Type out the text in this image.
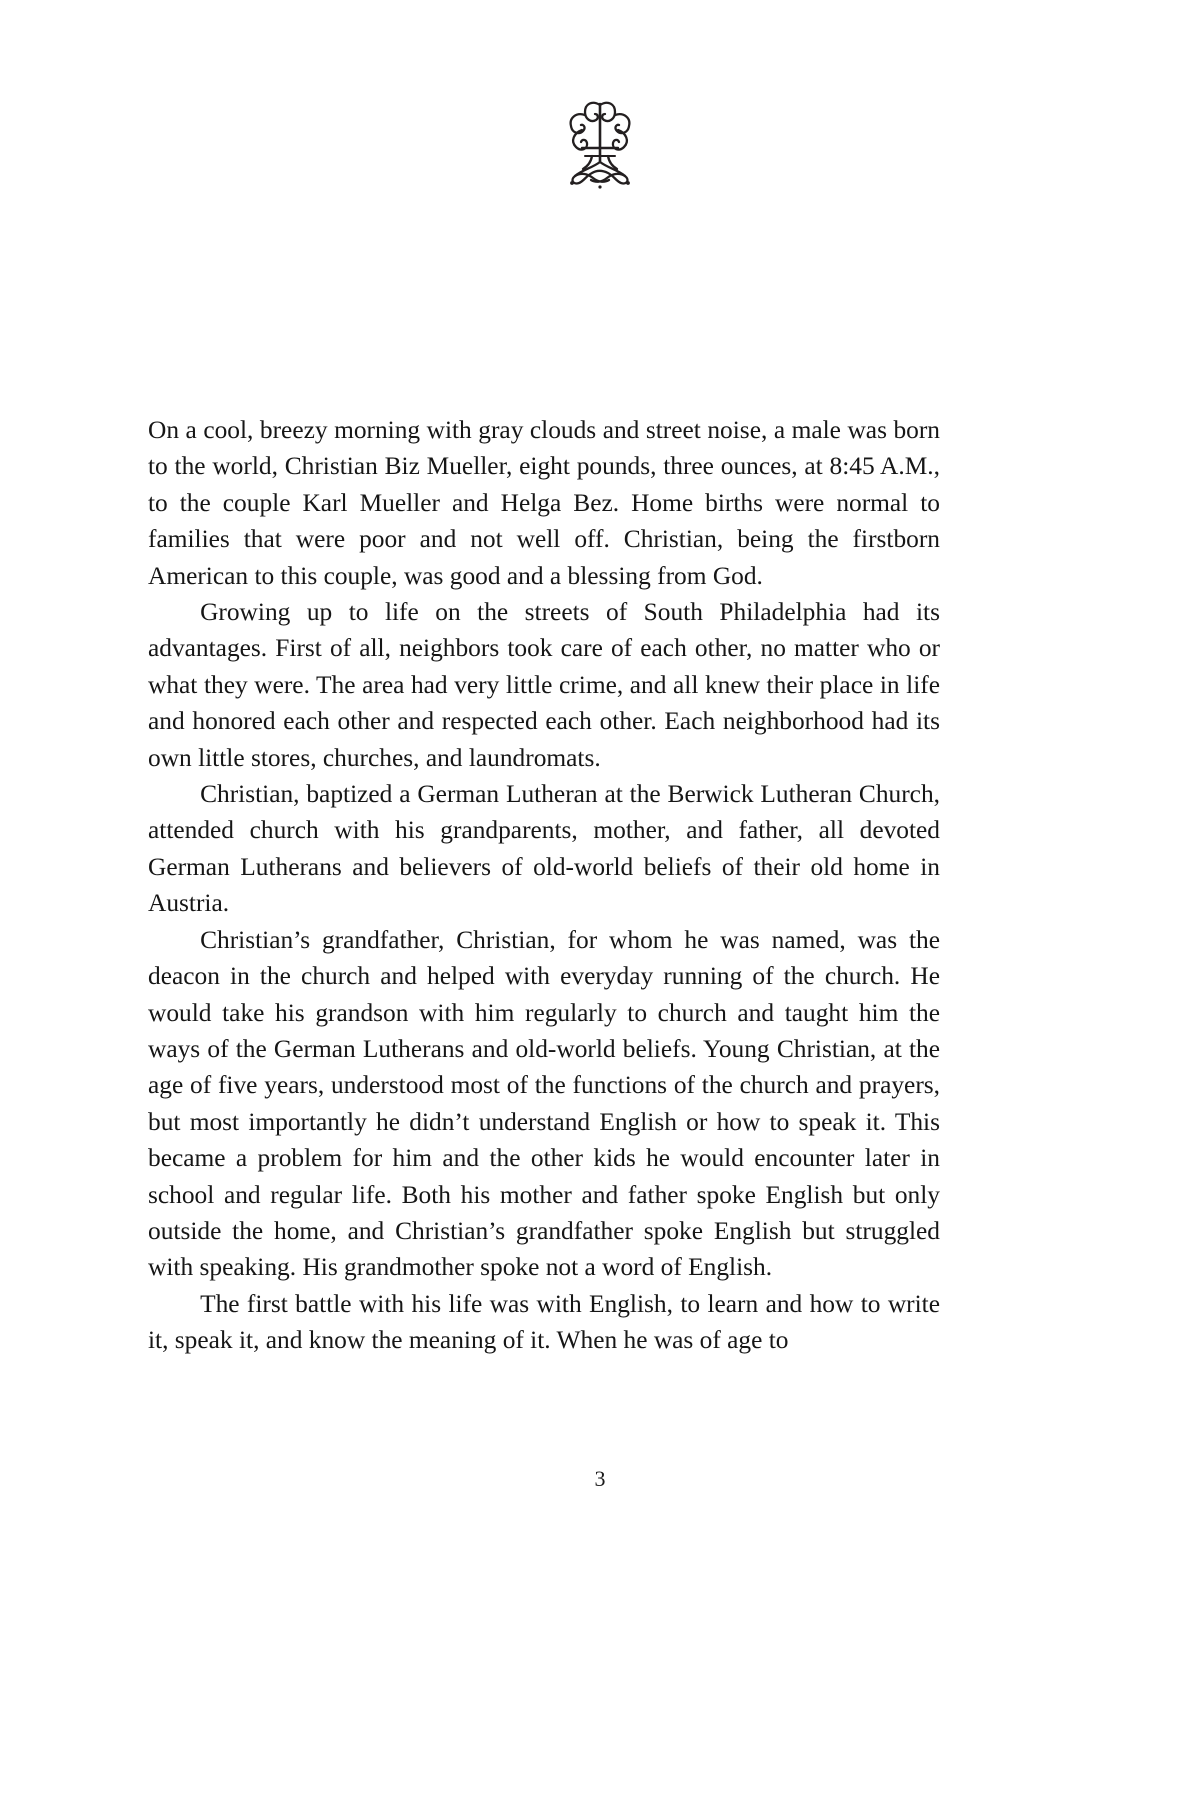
On a cool, breezy morning with gray clouds and street noise, a male was born to the world, Christian Biz Mueller, eight pounds, three ounces, at 8:45 A.M., to the couple Karl Mueller and Helga Bez. Home births were normal to families that were poor and not well off. Christian, being the firstborn American to this couple, was good and a blessing from God.

Growing up to life on the streets of South Philadelphia had its advantages. First of all, neighbors took care of each other, no matter who or what they were. The area had very little crime, and all knew their place in life and honored each other and respected each other. Each neighborhood had its own little stores, churches, and laundromats.

Christian, baptized a German Lutheran at the Berwick Lutheran Church, attended church with his grandparents, mother, and father, all devoted German Lutherans and believers of old-world beliefs of their old home in Austria.

Christian’s grandfather, Christian, for whom he was named, was the deacon in the church and helped with everyday running of the church. He would take his grandson with him regularly to church and taught him the ways of the German Lutherans and old-world beliefs. Young Christian, at the age of five years, understood most of the functions of the church and prayers, but most importantly he didn’t understand English or how to speak it. This became a problem for him and the other kids he would encounter later in school and regular life. Both his mother and father spoke English but only outside the home, and Christian’s grandfather spoke English but struggled with speaking. His grandmother spoke not a word of English.

The first battle with his life was with English, to learn and how to write it, speak it, and know the meaning of it. When he was of age to

3
